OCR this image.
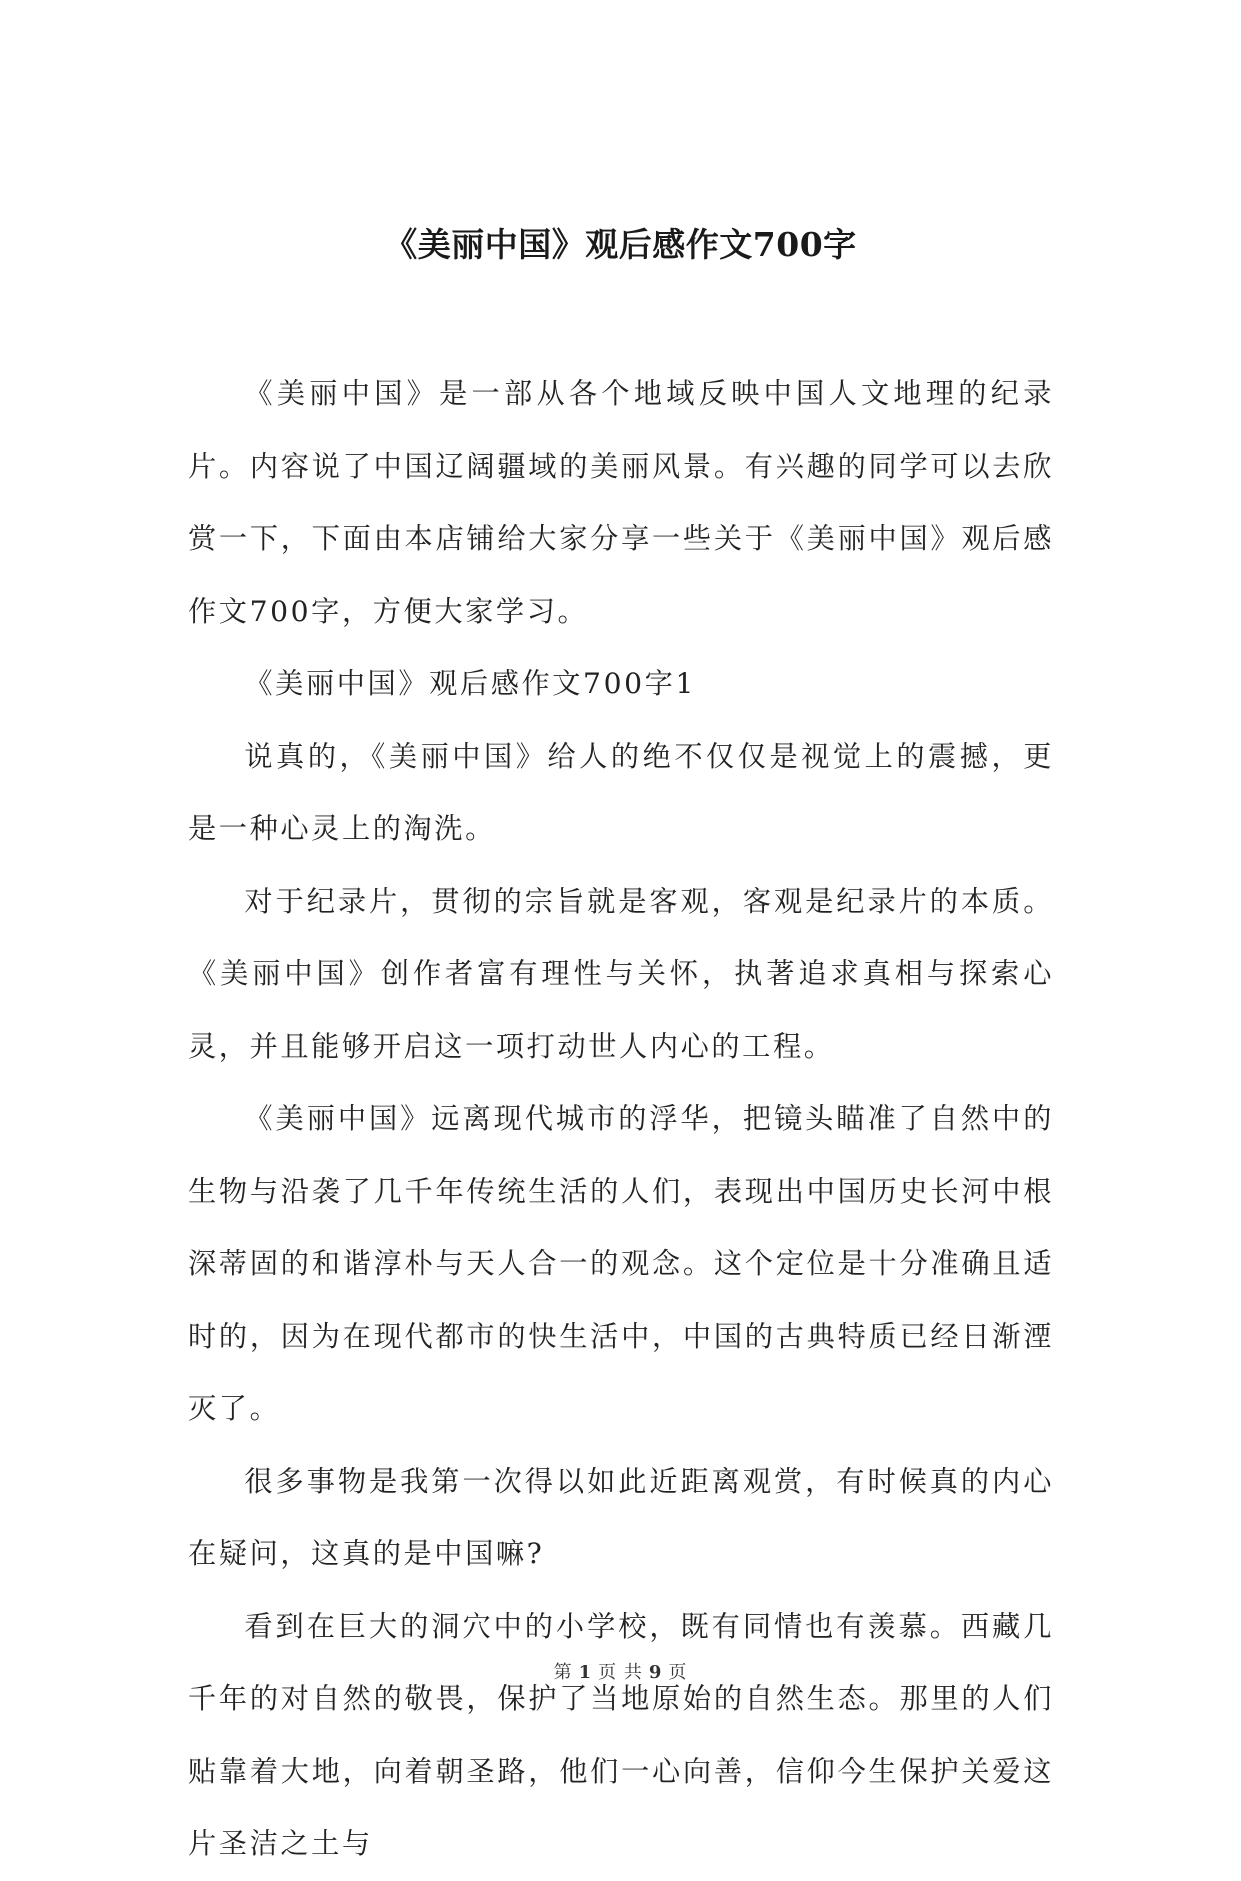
《美丽中国》观后感作文700字

《美丽中国》是一部从各个地域反映中国人文地理的纪录片。内容说了中国辽阔疆域的美丽风景。有兴趣的同学可以去欣赏一下，下面由本店铺给大家分享一些关于《美丽中国》观后感作文700字，方便大家学习。

《美丽中国》观后感作文700字1

说真的，《美丽中国》给人的绝不仅仅是视觉上的震撼，更是一种心灵上的淘洗。

对于纪录片，贯彻的宗旨就是客观，客观是纪录片的本质。《美丽中国》创作者富有理性与关怀，执著追求真相与探索心灵，并且能够开启这一项打动世人内心的工程。

《美丽中国》远离现代城市的浮华，把镜头瞄准了自然中的生物与沿袭了几千年传统生活的人们，表现出中国历史长河中根深蒂固的和谐淳朴与天人合一的观念。这个定位是十分准确且适时的，因为在现代都市的快生活中，中国的古典特质已经日渐湮灭了。

很多事物是我第一次得以如此近距离观赏，有时候真的内心在疑问，这真的是中国嘛?

看到在巨大的洞穴中的小学校，既有同情也有羡慕。西藏几千年的对自然的敬畏，保护了当地原始的自然生态。那里的人们贴靠着大地，向着朝圣路，他们一心向善，信仰今生保护关爱这片圣洁之土与

第 1 页 共 9 页
